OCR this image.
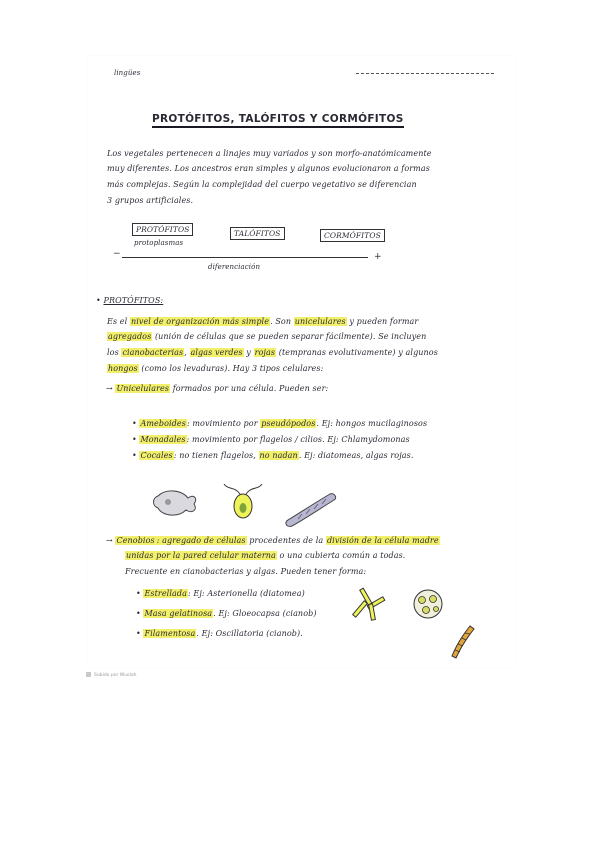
lingües
PROTÓFITOS, TALÓFITOS Y CORMÓFITOS
Los vegetales pertenecen a linajes muy variados y son morfo-anatómicamente
muy diferentes. Los ancestros eran simples y algunos evolucionaron a formas
más complejas. Según la complejidad del cuerpo vegetativo se diferencian
3 grupos artificiales.
PROTÓFITOS	TALÓFITOS	CORMÓFITOS
protoplasmas
−	+
diferenciación
• PROTÓFITOS:
Es el nivel de organización más simple. Son unicelulares y pueden formar
agregados (unión de células que se pueden separar fácilmente). Se incluyen
los cianobacterias, algas verdes y rojas (tempranas evolutivamente) y algunos
hongos (como los levaduras). Hay 3 tipos celulares:
→ Unicelulares formados por una célula. Pueden ser:
• Ameboides: movimiento por pseudópodos. Ej: hongos mucilaginosos
• Monadales: movimiento por flagelos / cilios. Ej: Chlamydomonas
• Cocales: no tienen flagelos, no nadan. Ej: diatomeas, algas rojas.
→ Cenobios : agregado de células procedentes de la división de la célula madre
unidas por la pared celular materna o una cubierta común a todas.
Frecuente en cianobacterias y algas. Pueden tener forma:
• Estrellada: Ej: Asterionella (diatomea)
• Masa gelatinosa. Ej: Gloeocapsa (cianob)
• Filamentosa. Ej: Oscillatoria (cianob).
Subido por Wuolah
